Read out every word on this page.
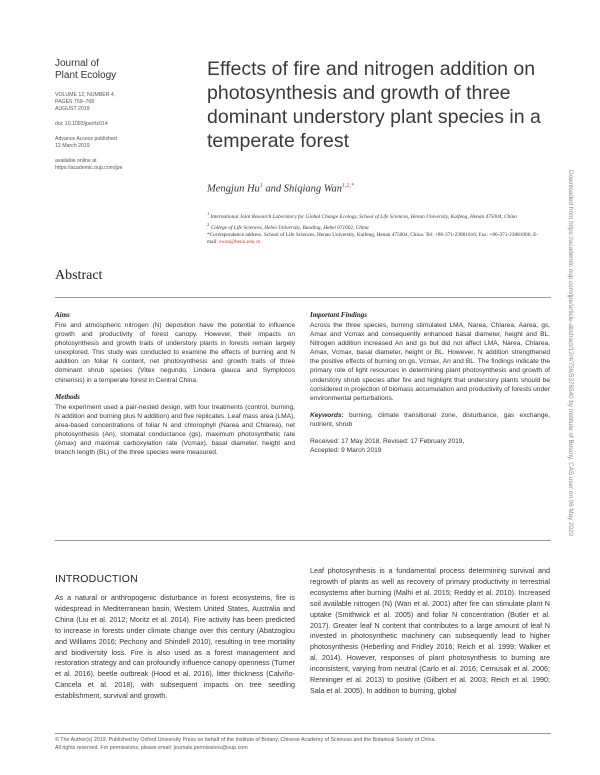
Journal of
Plant Ecology
VOLUME 12, NUMBER 4,
PAGES 759–768
AUGUST 2019
doi: 10.1093/jpe/rtz014
Advance Access published
12 March 2019
available online at
https://academic.oup.com/jpe
Effects of fire and nitrogen addition on photosynthesis and growth of three dominant understory plant species in a temperate forest
Mengjun Hu$^1$ and Shiqiang Wan$^{1,2,*}$
$^1$ International Joint Research Laboratory for Global Change Ecology, School of Life Sciences, Henan University, Kaifeng, Henan 475004, China
$^2$ College of Life Sciences, Hebei University, Baoding, Hebei 071002, China
*Correspondence address. School of Life Sciences, Henan University, Kaifeng, Henan 475004, China. Tel: +86-371-23881016; Fax: +86-371-23881006; E-mail: swan@henu.edu.cn
Abstract
Aims
Fire and atmospheric nitrogen (N) deposition have the potential to influence growth and productivity of forest canopy. However, their impacts on photosynthesis and growth traits of understory plants in forests remain largely unexplored. This study was conducted to examine the effects of burning and N addition on foliar N content, net photosynthesis and growth traits of three dominant shrub species (Vitex negundo, Lindera glauca and Symplocos chinensis) in a temperate forest in Central China.
Methods
The experiment used a pair-nested design, with four treatments (control, burning, N addition and burning plus N addition) and five replicates. Leaf mass area (LMA), area-based concentrations of foliar N and chlorophyll (Narea and Chlarea), net photosynthesis (An), stomatal conductance (gs), maximum photosynthetic rate (Amax) and maximal carboxylation rate (Vcmax), basal diameter, height and branch length (BL) of the three species were measured.
Important Findings
Across the three species, burning stimulated LMA, Narea, Chlarea, Aarea, gs, Amax and Vcmax and consequently enhanced basal diameter, height and BL. Nitrogen addition increased An and gs but did not affect LMA, Narea, Chlarea, Amax, Vcmax, basal diameter, height or BL. However, N addition strengthened the positive effects of burning on gs, Vcmax, An and BL. The findings indicate the primary role of light resources in determining plant photosynthesis and growth of understory shrub species after fire and highlight that understory plants should be considered in projection of biomass accumulation and productivity of forests under environmental perturbations.
Keywords: burning, climate transitional zone, disturbance, gas exchange, nutrient, shrub
Received: 17 May 2018, Revised: 17 February 2019,
Accepted: 9 March 2019	Downloaded from https://academic.oup.com/jpe/article-abstract/12/4/759/5376540 by Institute of Botany, CAS user on 06 May 2020
INTRODUCTION
As a natural or anthropogenic disturbance in forest ecosystems, fire is widespread in Mediterranean basin, Western United States, Australia and China (Liu et al. 2012; Moritz et al. 2014). Fire activity has been predicted to increase in forests under climate change over this century (Abatzoglou and Williams 2016; Pechony and Shindell 2010), resulting in tree mortality and biodiversity loss. Fire is also used as a forest management and restoration strategy and can profoundly influence canopy openness (Turner et al. 2016), beetle outbreak (Hood et al. 2016), litter thickness (Calviño-Cancela et al. 2018), with subsequent impacts on tree seedling establishment, survival and growth.
Leaf photosynthesis is a fundamental process determining survival and regrowth of plants as well as recovery of primary productivity in terrestrial ecosystems after burning (Malhi et al. 2015; Reddy et al. 2010). Increased soil available nitrogen (N) (Wan et al. 2001) after fire can stimulate plant N uptake (Smithwick et al. 2005) and foliar N concentration (Butler et al. 2017). Greater leaf N content that contributes to a large amount of leaf N invested in photosynthetic machinery can subsequently lead to higher photosynthesis (Heberling and Fridley 2016; Reich et al. 1999; Walker et al. 2014). However, responses of plant photosynthesis to burning are inconsistent, varying from neutral (Carlo et al. 2016; Cernusak et al. 2006; Renninger et al. 2013) to positive (Gilbert et al. 2003; Reich et al. 1990; Sala et al. 2005). In addition to burning, global
© The Author(s) 2019. Published by Oxford University Press on behalf of the Institute of Botany, Chinese Academy of Sciences and the Botanical Society of China.
All rights reserved. For permissions, please email: journals.permissions@oup.com
